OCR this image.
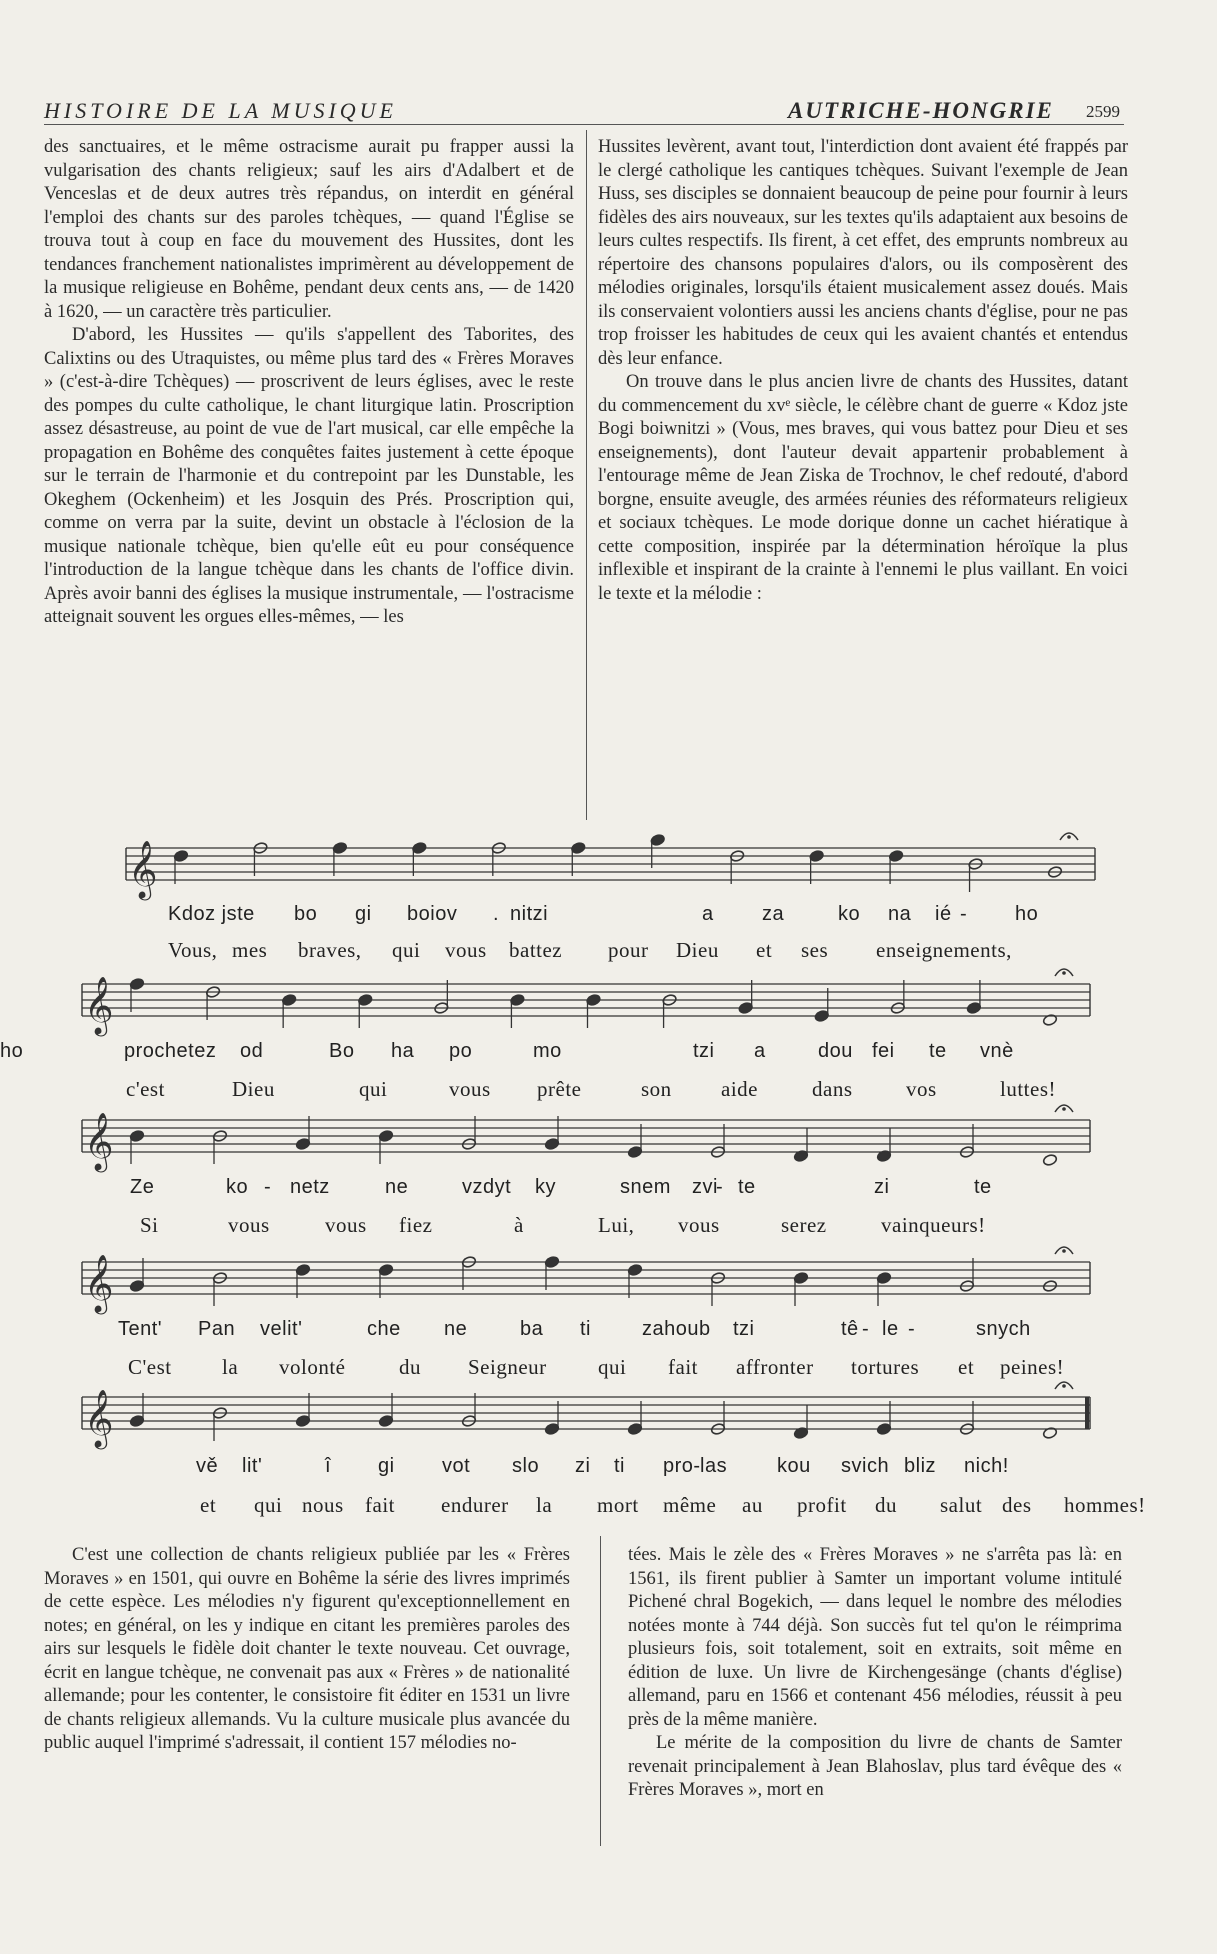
HISTOIRE DE LA MUSIQUE	AUTRICHE-HONGRIE 2599

des sanctuaires, et le même ostracisme aurait pu frapper aussi la vulgarisation des chants religieux; sauf les airs d'Adalbert et de Venceslas et de deux autres très répandus, on interdit en général l'emploi des chants sur des paroles tchèques, — quand l'Église se trouva tout à coup en face du mouvement des Hussites, dont les tendances franchement nationalistes imprimèrent au développement de la musique religieuse en Bohême, pendant deux cents ans, — de 1420 à 1620, — un caractère très particulier.

D'abord, les Hussites — qu'ils s'appellent des Taborites, des Calixtins ou des Utraquistes, ou même plus tard des « Frères Moraves » (c'est-à-dire Tchèques) — proscrivent de leurs églises, avec le reste des pompes du culte catholique, le chant liturgique latin. Proscription assez désastreuse, au point de vue de l'art musical, car elle empêche la propagation en Bohême des conquêtes faites justement à cette époque sur le terrain de l'harmonie et du contrepoint par les Dunstable, les Okeghem (Ockenheim) et les Josquin des Prés. Proscription qui, comme on verra par la suite, devint un obstacle à l'éclosion de la musique nationale tchèque, bien qu'elle eût eu pour conséquence l'introduction de la langue tchèque dans les chants de l'office divin. Après avoir banni des églises la musique instrumentale, — l'ostracisme atteignait souvent les orgues elles-mêmes, — les

Hussites levèrent, avant tout, l'interdiction dont avaient été frappés par le clergé catholique les cantiques tchèques. Suivant l'exemple de Jean Huss, ses disciples se donnaient beaucoup de peine pour fournir à leurs fidèles des airs nouveaux, sur les textes qu'ils adaptaient aux besoins de leurs cultes respectifs. Ils firent, à cet effet, des emprunts nombreux au répertoire des chansons populaires d'alors, ou ils composèrent des mélodies originales, lorsqu'ils étaient musicalement assez doués. Mais ils conservaient volontiers aussi les anciens chants d'église, pour ne pas trop froisser les habitudes de ceux qui les avaient chantés et entendus dès leur enfance.

On trouve dans le plus ancien livre de chants des Hussites, datant du commencement du xvᵉ siècle, le célèbre chant de guerre « Kdoz jste Bogi boiwnitzi » (Vous, mes braves, qui vous battez pour Dieu et ses enseignements), dont l'auteur devait appartenir probablement à l'entourage même de Jean Ziska de Trochnov, le chef redouté, d'abord borgne, ensuite aveugle, des armées réunies des réformateurs religieux et sociaux tchèques. Le mode dorique donne un cachet hiératique à cette composition, inspirée par la détermination héroïque la plus inflexible et inspirant de la crainte à l'ennemi le plus vaillant. En voici le texte et la mélodie :

𝄞
𝄞
𝄞
𝄞
𝄞
Kdoz jste bo gi boiov . nitzi	a za	ko na ié - ho
Vous, mes braves, qui vous battez pour Dieu et ses enseignements,
prochetez od	Bo ha po	mo	tzi a	dou fei te vnè
ho
c'est	Dieu	qui	vous prête	son aide	dans	vos	luttes!
Ze	ko - netz	ne	vzdyt ky	snem zvi
- te	zi	te
Si	vous	vous fiez	à	Lui, vous	serez	vainqueurs!
Tent' Pan velit'	che ne	ba ti	zahoub tzi	tê - le -	snych
C'est la volonté	du Seigneur qui fait affronter tortures et peines!
vě lit'	î gi vot slo zi ti pro- las kou svich bliz nich!
et qui nous fait endurer la mort même au profit du salut des hommes!

C'est une collection de chants religieux publiée par les « Frères Moraves » en 1501, qui ouvre en Bohême la série des livres imprimés de cette espèce. Les mélodies n'y figurent qu'exceptionnellement en notes; en général, on les y indique en citant les premières paroles des airs sur lesquels le fidèle doit chanter le texte nouveau. Cet ouvrage, écrit en langue tchèque, ne convenait pas aux « Frères » de nationalité allemande; pour les contenter, le consistoire fit éditer en 1531 un livre de chants religieux allemands. Vu la culture musicale plus avancée du public auquel l'imprimé s'adressait, il contient 157 mélodies no-

tées. Mais le zèle des « Frères Moraves » ne s'arrêta pas là: en 1561, ils firent publier à Samter un important volume intitulé Pichené chral Bogekich, — dans lequel le nombre des mélodies notées monte à 744 déjà. Son succès fut tel qu'on le réimprima plusieurs fois, soit totalement, soit en extraits, soit même en édition de luxe. Un livre de Kirchengesänge (chants d'église) allemand, paru en 1566 et contenant 456 mélodies, réussit à peu près de la même manière.

Le mérite de la composition du livre de chants de Samter revenait principalement à Jean Blahoslav, plus tard évêque des « Frères Moraves », mort en
